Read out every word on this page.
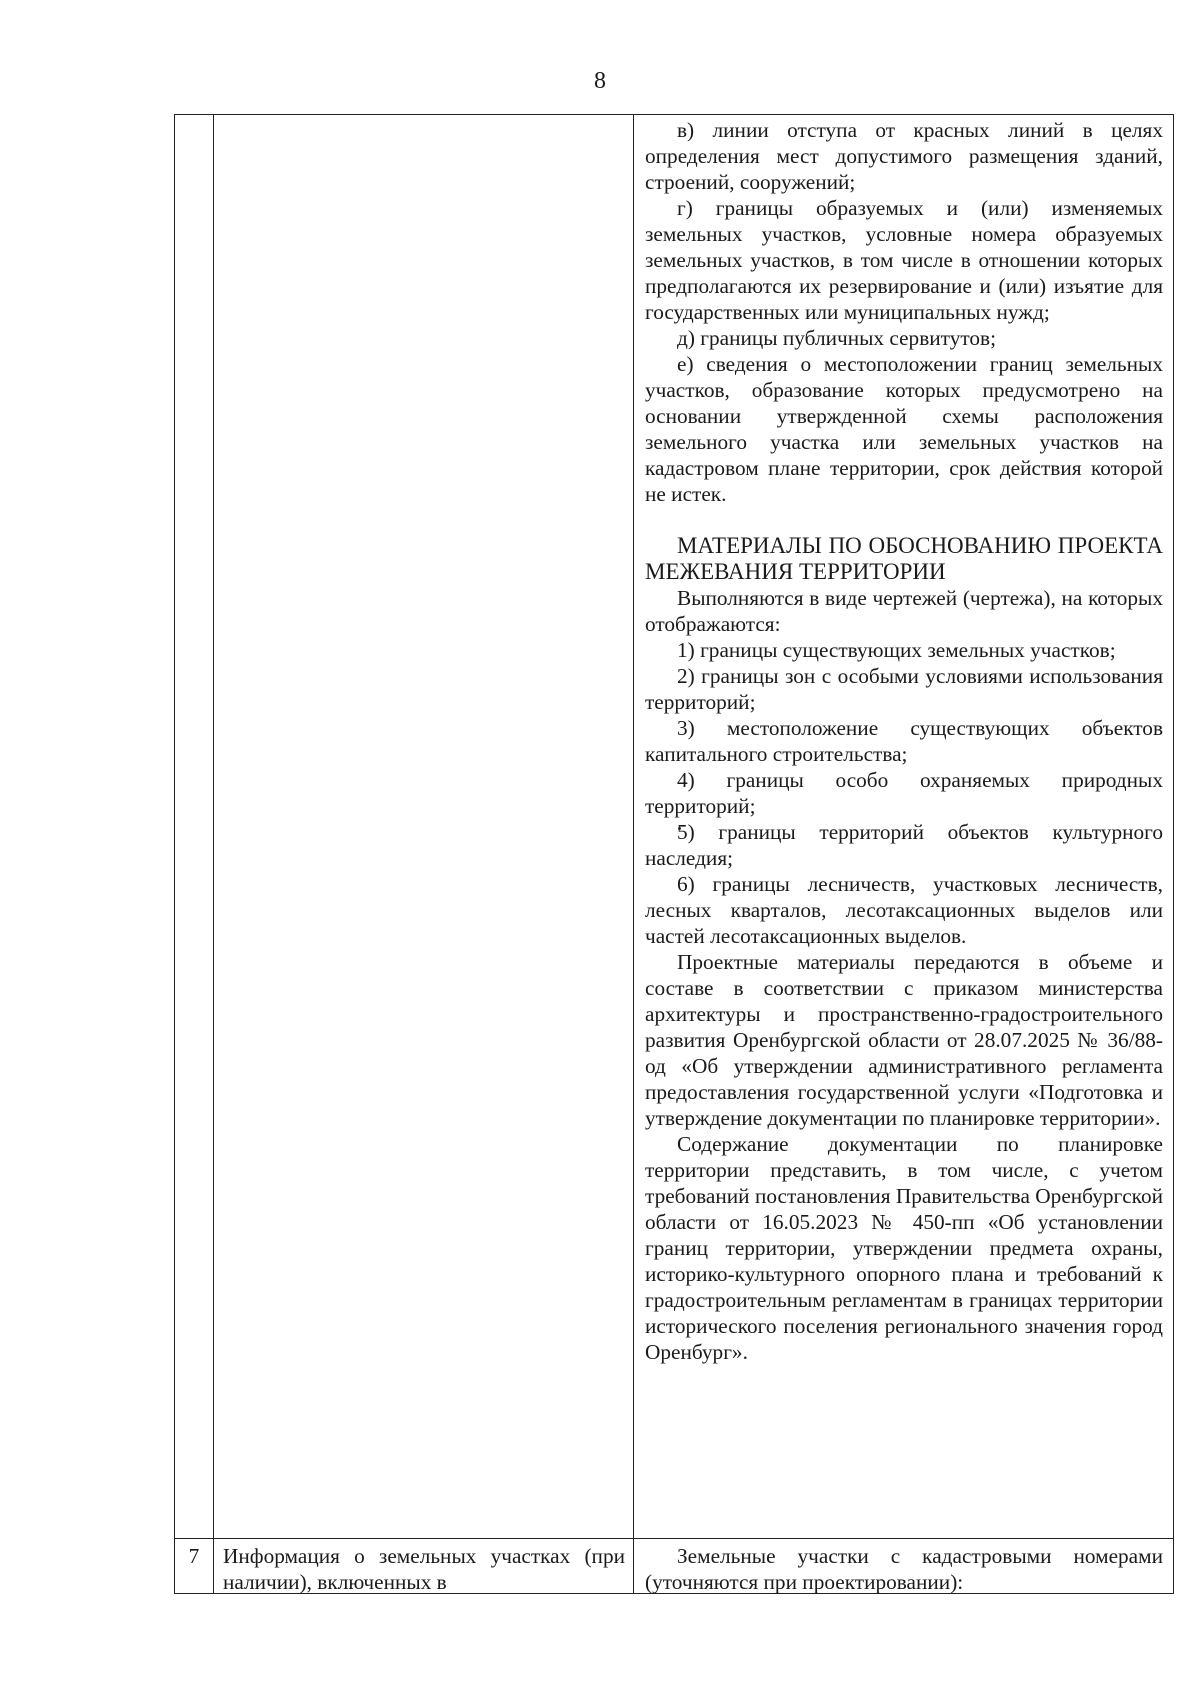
8

в) линии отступа от красных линий в целях определения мест допустимого размещения зданий, строений, сооружений;

г) границы образуемых и (или) изменяемых земельных участков, условные номера образуемых земельных участков, в том числе в отношении которых предполагаются их резервирование и (или) изъятие для государственных или муниципальных нужд;

д) границы публичных сервитутов;

е) сведения о местоположении границ земельных участков, образование которых предусмотрено на основании утвержденной схемы расположения земельного участка или земельных участков на кадастровом плане территории, срок действия которой не истек.

МАТЕРИАЛЫ ПО ОБОСНОВАНИЮ ПРОЕКТА МЕЖЕВАНИЯ ТЕРРИТОРИИ

Выполняются в виде чертежей (чертежа), на которых отображаются:

1) границы существующих земельных участков;

2) границы зон с особыми условиями использования территорий;

3) местоположение существующих объектов капитального строительства;

4) границы особо охраняемых природных территорий;

5) границы территорий объектов культурного наследия;

6) границы лесничеств, участковых лесничеств, лесных кварталов, лесотаксационных выделов или частей лесотаксационных выделов.

Проектные материалы передаются в объеме и составе в соответствии с приказом министерства архитектуры и пространственно-градостроительного развития Оренбургской области от 28.07.2025 № 36/88-од «Об утверждении административного регламента предоставления государственной услуги «Подготовка и утверждение документации по планировке территории».

Содержание документации по планировке территории представить, в том числе, с учетом требований постановления Правительства Оренбургской области от 16.05.2023 № 450-пп «Об установлении границ территории, утверждении предмета охраны, историко-культурного опорного плана и требований к градостроительным регламентам в границах территории исторического поселения регионального значения город Оренбург».

7	Информация о земельных участках (при наличии), включенных в

Земельные участки с кадастровыми номерами (уточняются при проектировании):
